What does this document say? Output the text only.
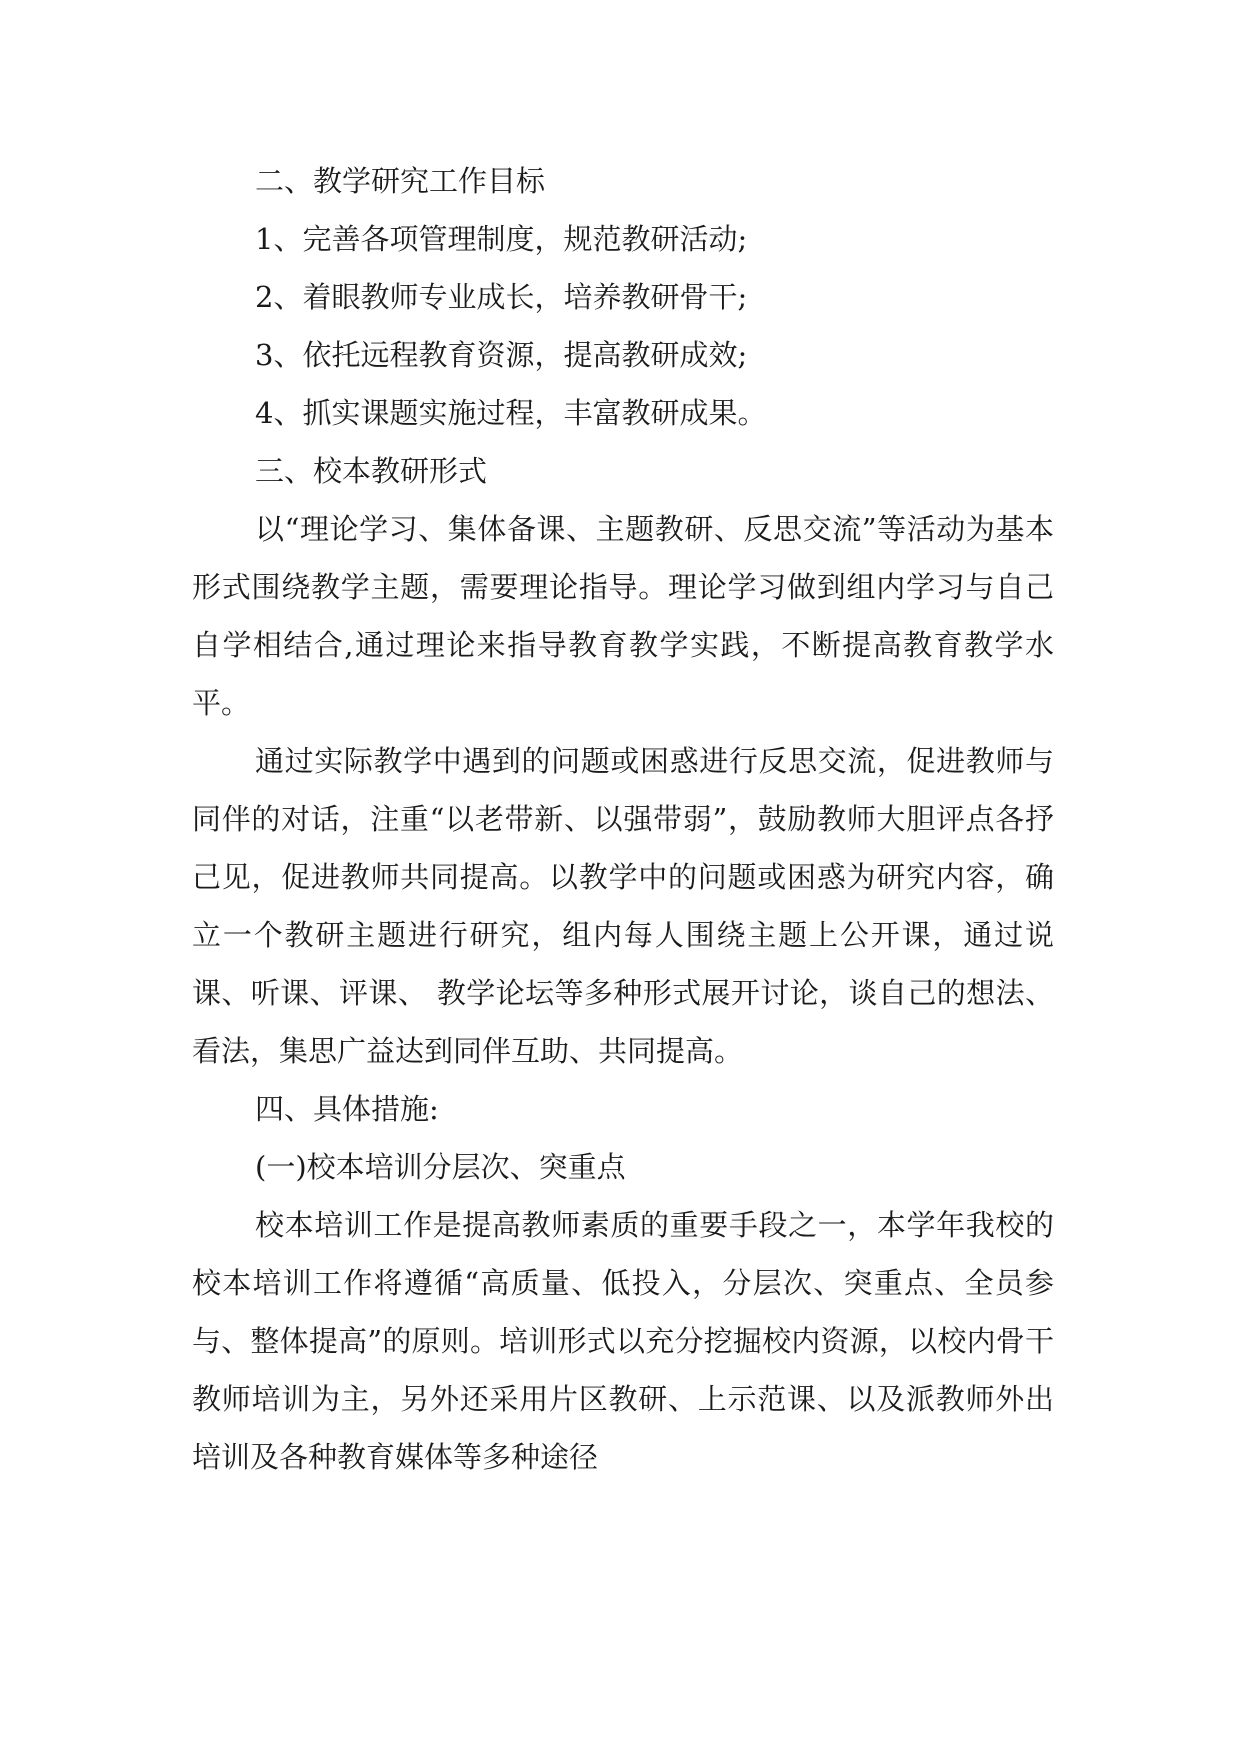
二、教学研究工作目标

1、完善各项管理制度，规范教研活动;

2、着眼教师专业成长，培养教研骨干;

3、依托远程教育资源，提高教研成效;

4、抓实课题实施过程，丰富教研成果。

三、校本教研形式

以“理论学习、集体备课、主题教研、反思交流”等活动为基本形式围绕教学主题，需要理论指导。理论学习做到组内学习与自己自学相结合,通过理论来指导教育教学实践，不断提高教育教学水平。

通过实际教学中遇到的问题或困惑进行反思交流，促进教师与同伴的对话，注重“以老带新、以强带弱”，鼓励教师大胆评点各抒己见，促进教师共同提高。以教学中的问题或困惑为研究内容，确立一个教研主题进行研究，组内每人围绕主题上公开课，通过说课、听课、评课、 教学论坛等多种形式展开讨论，谈自己的想法、看法，集思广益达到同伴互助、共同提高。

四、具体措施:

(一)校本培训分层次、突重点

校本培训工作是提高教师素质的重要手段之一，本学年我校的校本培训工作将遵循“高质量、低投入，分层次、突重点、全员参与、整体提高”的原则。培训形式以充分挖掘校内资源，以校内骨干教师培训为主，另外还采用片区教研、上示范课、以及派教师外出培训及各种教育媒体等多种途径
